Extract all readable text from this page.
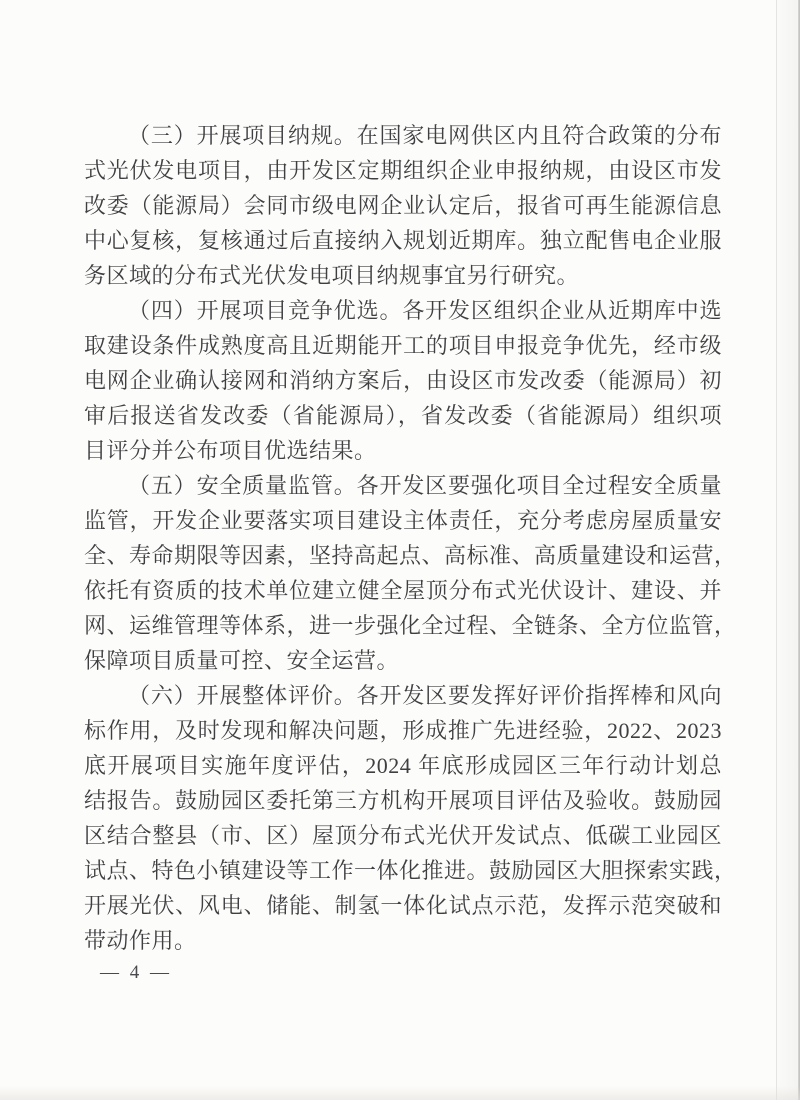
（三）开展项目纳规。在国家电网供区内且符合政策的分布
式光伏发电项目，由开发区定期组织企业申报纳规，由设区市发
改委（能源局）会同市级电网企业认定后，报省可再生能源信息
中心复核，复核通过后直接纳入规划近期库。独立配售电企业服
务区域的分布式光伏发电项目纳规事宜另行研究。
（四）开展项目竞争优选。各开发区组织企业从近期库中选
取建设条件成熟度高且近期能开工的项目申报竞争优先，经市级
电网企业确认接网和消纳方案后，由设区市发改委（能源局）初
审后报送省发改委（省能源局），省发改委（省能源局）组织项
目评分并公布项目优选结果。
（五）安全质量监管。各开发区要强化项目全过程安全质量
监管，开发企业要落实项目建设主体责任，充分考虑房屋质量安
全、寿命期限等因素，坚持高起点、高标准、高质量建设和运营，
依托有资质的技术单位建立健全屋顶分布式光伏设计、建设、并
网、运维管理等体系，进一步强化全过程、全链条、全方位监管，
保障项目质量可控、安全运营。
（六）开展整体评价。各开发区要发挥好评价指挥棒和风向
标作用，及时发现和解决问题，形成推广先进经验，2022、2023
底开展项目实施年度评估，2024 年底形成园区三年行动计划总
结报告。鼓励园区委托第三方机构开展项目评估及验收。鼓励园
区结合整县（市、区）屋顶分布式光伏开发试点、低碳工业园区
试点、特色小镇建设等工作一体化推进。鼓励园区大胆探索实践，
开展光伏、风电、储能、制氢一体化试点示范，发挥示范突破和
带动作用。
— 4 —
